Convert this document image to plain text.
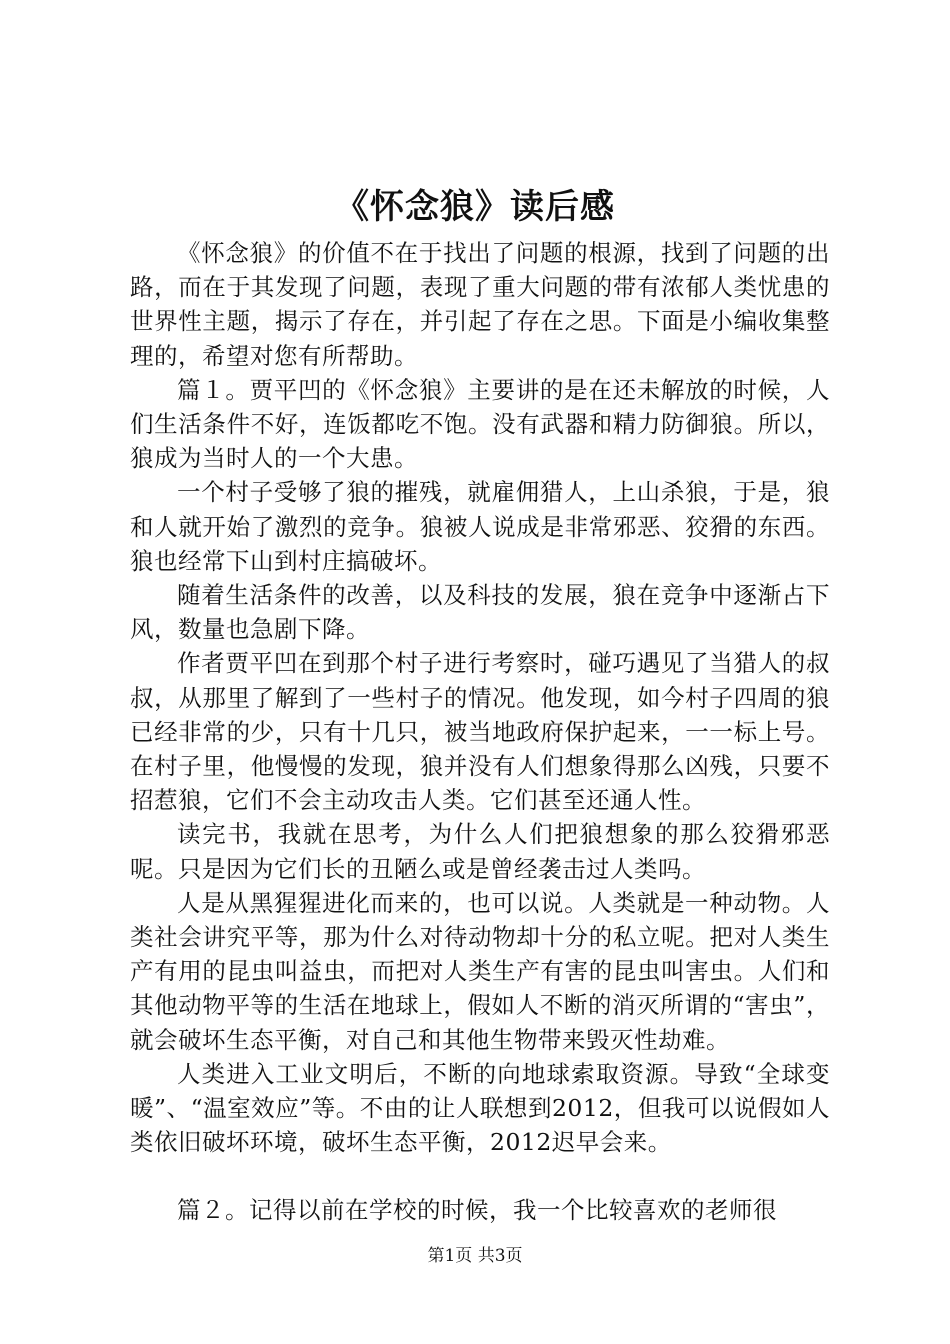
《怀念狼》读后感

《怀念狼》的价值不在于找出了问题的根源，找到了问题的出路，而在于其发现了问题，表现了重大问题的带有浓郁人类忧患的世界性主题，揭示了存在，并引起了存在之思。下面是小编收集整理的，希望对您有所帮助。

篇１。贾平凹的《怀念狼》主要讲的是在还未解放的时候，人们生活条件不好，连饭都吃不饱。没有武器和精力防御狼。所以，狼成为当时人的一个大患。

一个村子受够了狼的摧残，就雇佣猎人，上山杀狼，于是，狼和人就开始了激烈的竞争。狼被人说成是非常邪恶、狡猾的东西。狼也经常下山到村庄搞破坏。

随着生活条件的改善，以及科技的发展，狼在竞争中逐渐占下风，数量也急剧下降。

作者贾平凹在到那个村子进行考察时，碰巧遇见了当猎人的叔叔，从那里了解到了一些村子的情况。他发现，如今村子四周的狼已经非常的少，只有十几只，被当地政府保护起来，一一标上号。在村子里，他慢慢的发现，狼并没有人们想象得那么凶残，只要不招惹狼，它们不会主动攻击人类。它们甚至还通人性。

读完书，我就在思考，为什么人们把狼想象的那么狡猾邪恶呢。只是因为它们长的丑陋么或是曾经袭击过人类吗。

人是从黑猩猩进化而来的，也可以说。人类就是一种动物。人类社会讲究平等，那为什么对待动物却十分的私立呢。把对人类生产有用的昆虫叫益虫，而把对人类生产有害的昆虫叫害虫。人们和其他动物平等的生活在地球上，假如人不断的消灭所谓的“害虫”，就会破坏生态平衡，对自己和其他生物带来毁灭性劫难。

人类进入工业文明后，不断的向地球索取资源。导致“全球变暖”、“温室效应”等。不由的让人联想到2012，但我可以说假如人类依旧破坏环境，破坏生态平衡，2012迟早会来。

篇２。记得以前在学校的时候，我一个比较喜欢的老师很

第1页 共3页
